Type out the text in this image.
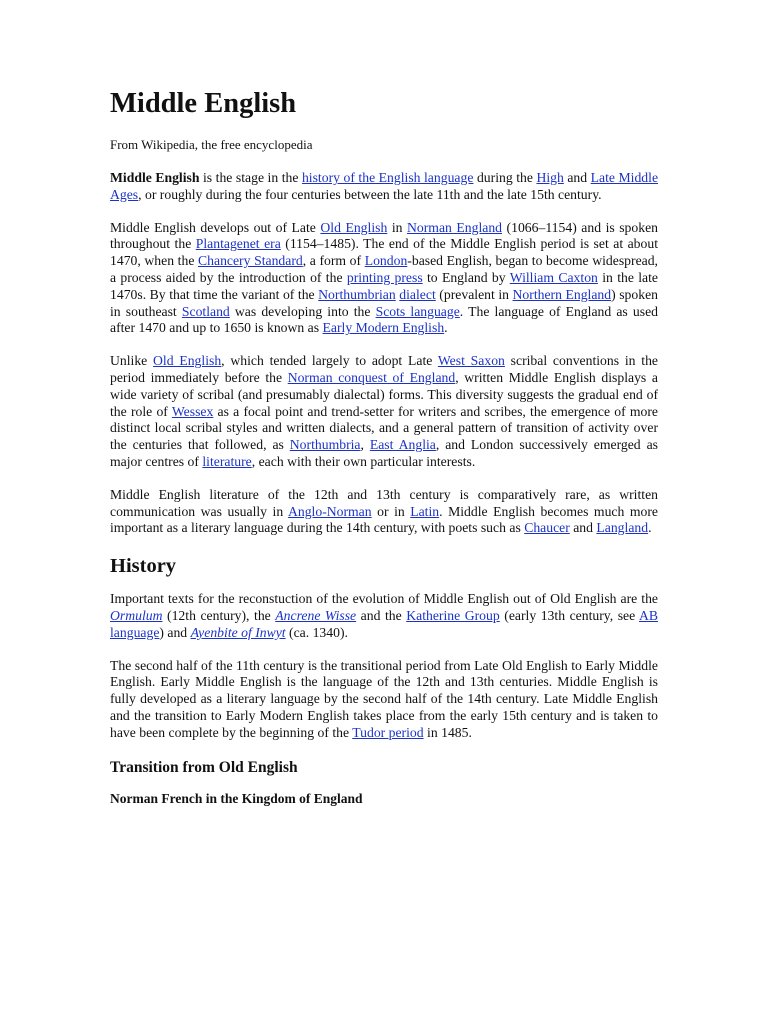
Middle English
From Wikipedia, the free encyclopedia

Middle English is the stage in the history of the English language during the High and Late Middle Ages, or roughly during the four centuries between the late 11th and the late 15th century.

Middle English develops out of Late Old English in Norman England (1066–1154) and is spoken throughout the Plantagenet era (1154–1485). The end of the Middle English period is set at about 1470, when the Chancery Standard, a form of London-based English, began to become widespread, a process aided by the introduction of the printing press to England by William Caxton in the late 1470s. By that time the variant of the Northumbrian dialect (prevalent in Northern England) spoken in southeast Scotland was developing into the Scots language. The language of England as used after 1470 and up to 1650 is known as Early Modern English.

Unlike Old English, which tended largely to adopt Late West Saxon scribal conventions in the period immediately before the Norman conquest of England, written Middle English displays a wide variety of scribal (and presumably dialectal) forms. This diversity suggests the gradual end of the role of Wessex as a focal point and trend-setter for writers and scribes, the emergence of more distinct local scribal styles and written dialects, and a general pattern of transition of activity over the centuries that followed, as Northumbria, East Anglia, and London successively emerged as major centres of literature, each with their own particular interests.

Middle English literature of the 12th and 13th century is comparatively rare, as written communication was usually in Anglo-Norman or in Latin. Middle English becomes much more important as a literary language during the 14th century, with poets such as Chaucer and Langland.

History

Important texts for the reconstuction of the evolution of Middle English out of Old English are the Ormulum (12th century), the Ancrene Wisse and the Katherine Group (early 13th century, see AB language) and Ayenbite of Inwyt (ca. 1340).

The second half of the 11th century is the transitional period from Late Old English to Early Middle English. Early Middle English is the language of the 12th and 13th centuries. Middle English is fully developed as a literary language by the second half of the 14th century. Late Middle English and the transition to Early Modern English takes place from the early 15th century and is taken to have been complete by the beginning of the Tudor period in 1485.

Transition from Old English
Norman French in the Kingdom of England
